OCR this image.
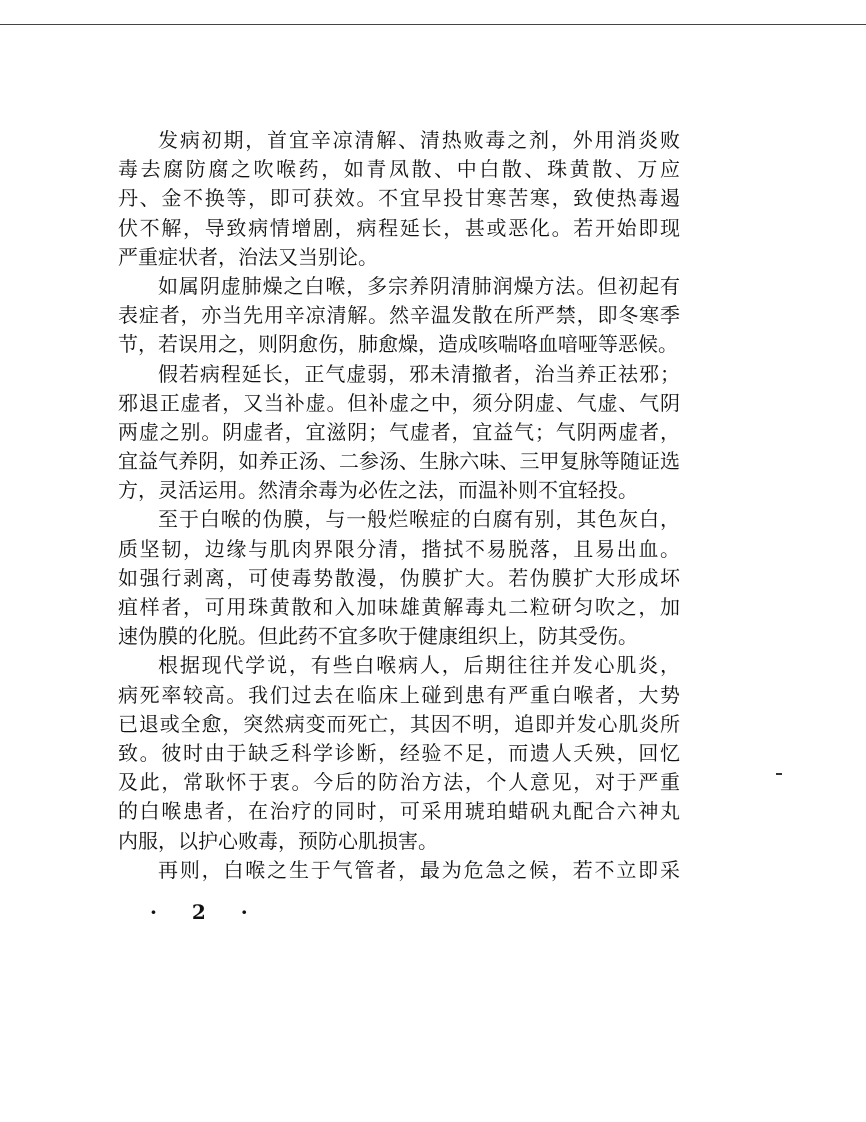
发病初期，首宜辛凉清解、清热败毒之剂，外用消炎败
毒去腐防腐之吹喉药，如青凤散、中白散、珠黄散、万应
丹、金不换等，即可获效。不宜早投甘寒苦寒，致使热毒遏
伏不解，导致病情增剧，病程延长，甚或恶化。若开始即现
严重症状者，治法又当别论。
如属阴虚肺燥之白喉，多宗养阴清肺润燥方法。但初起有
表症者，亦当先用辛凉清解。然辛温发散在所严禁，即冬寒季
节，若误用之，则阴愈伤，肺愈燥，造成咳喘咯血喑哑等恶候。
假若病程延长，正气虚弱，邪未清撤者，治当养正祛邪；
邪退正虚者，又当补虚。但补虚之中，须分阴虚、气虚、气阴
两虚之别。阴虚者，宜滋阴；气虚者，宜益气；气阴两虚者，
宜益气养阴，如养正汤、二参汤、生脉六味、三甲复脉等随证选
方，灵活运用。然清余毒为必佐之法，而温补则不宜轻投。
至于白喉的伪膜，与一般烂喉症的白腐有别，其色灰白，
质坚韧，边缘与肌肉界限分清，揩拭不易脱落，且易出血。
如强行剥离，可使毒势散漫，伪膜扩大。若伪膜扩大形成坏
疽样者，可用珠黄散和入加味雄黄解毒丸二粒研匀吹之，加
速伪膜的化脱。但此药不宜多吹于健康组织上，防其受伤。
根据现代学说，有些白喉病人，后期往往并发心肌炎，
病死率较高。我们过去在临床上碰到患有严重白喉者，大势
已退或全愈，突然病变而死亡，其因不明，追即并发心肌炎所
致。彼时由于缺乏科学诊断，经验不足，而遗人夭殃，回忆
及此，常耿怀于衷。今后的防治方法，个人意见，对于严重
的白喉患者，在治疗的同时，可采用琥珀蜡矾丸配合六神丸
内服，以护心败毒，预防心肌损害。
再则，白喉之生于气管者，最为危急之候，若不立即采
· 2 ·
